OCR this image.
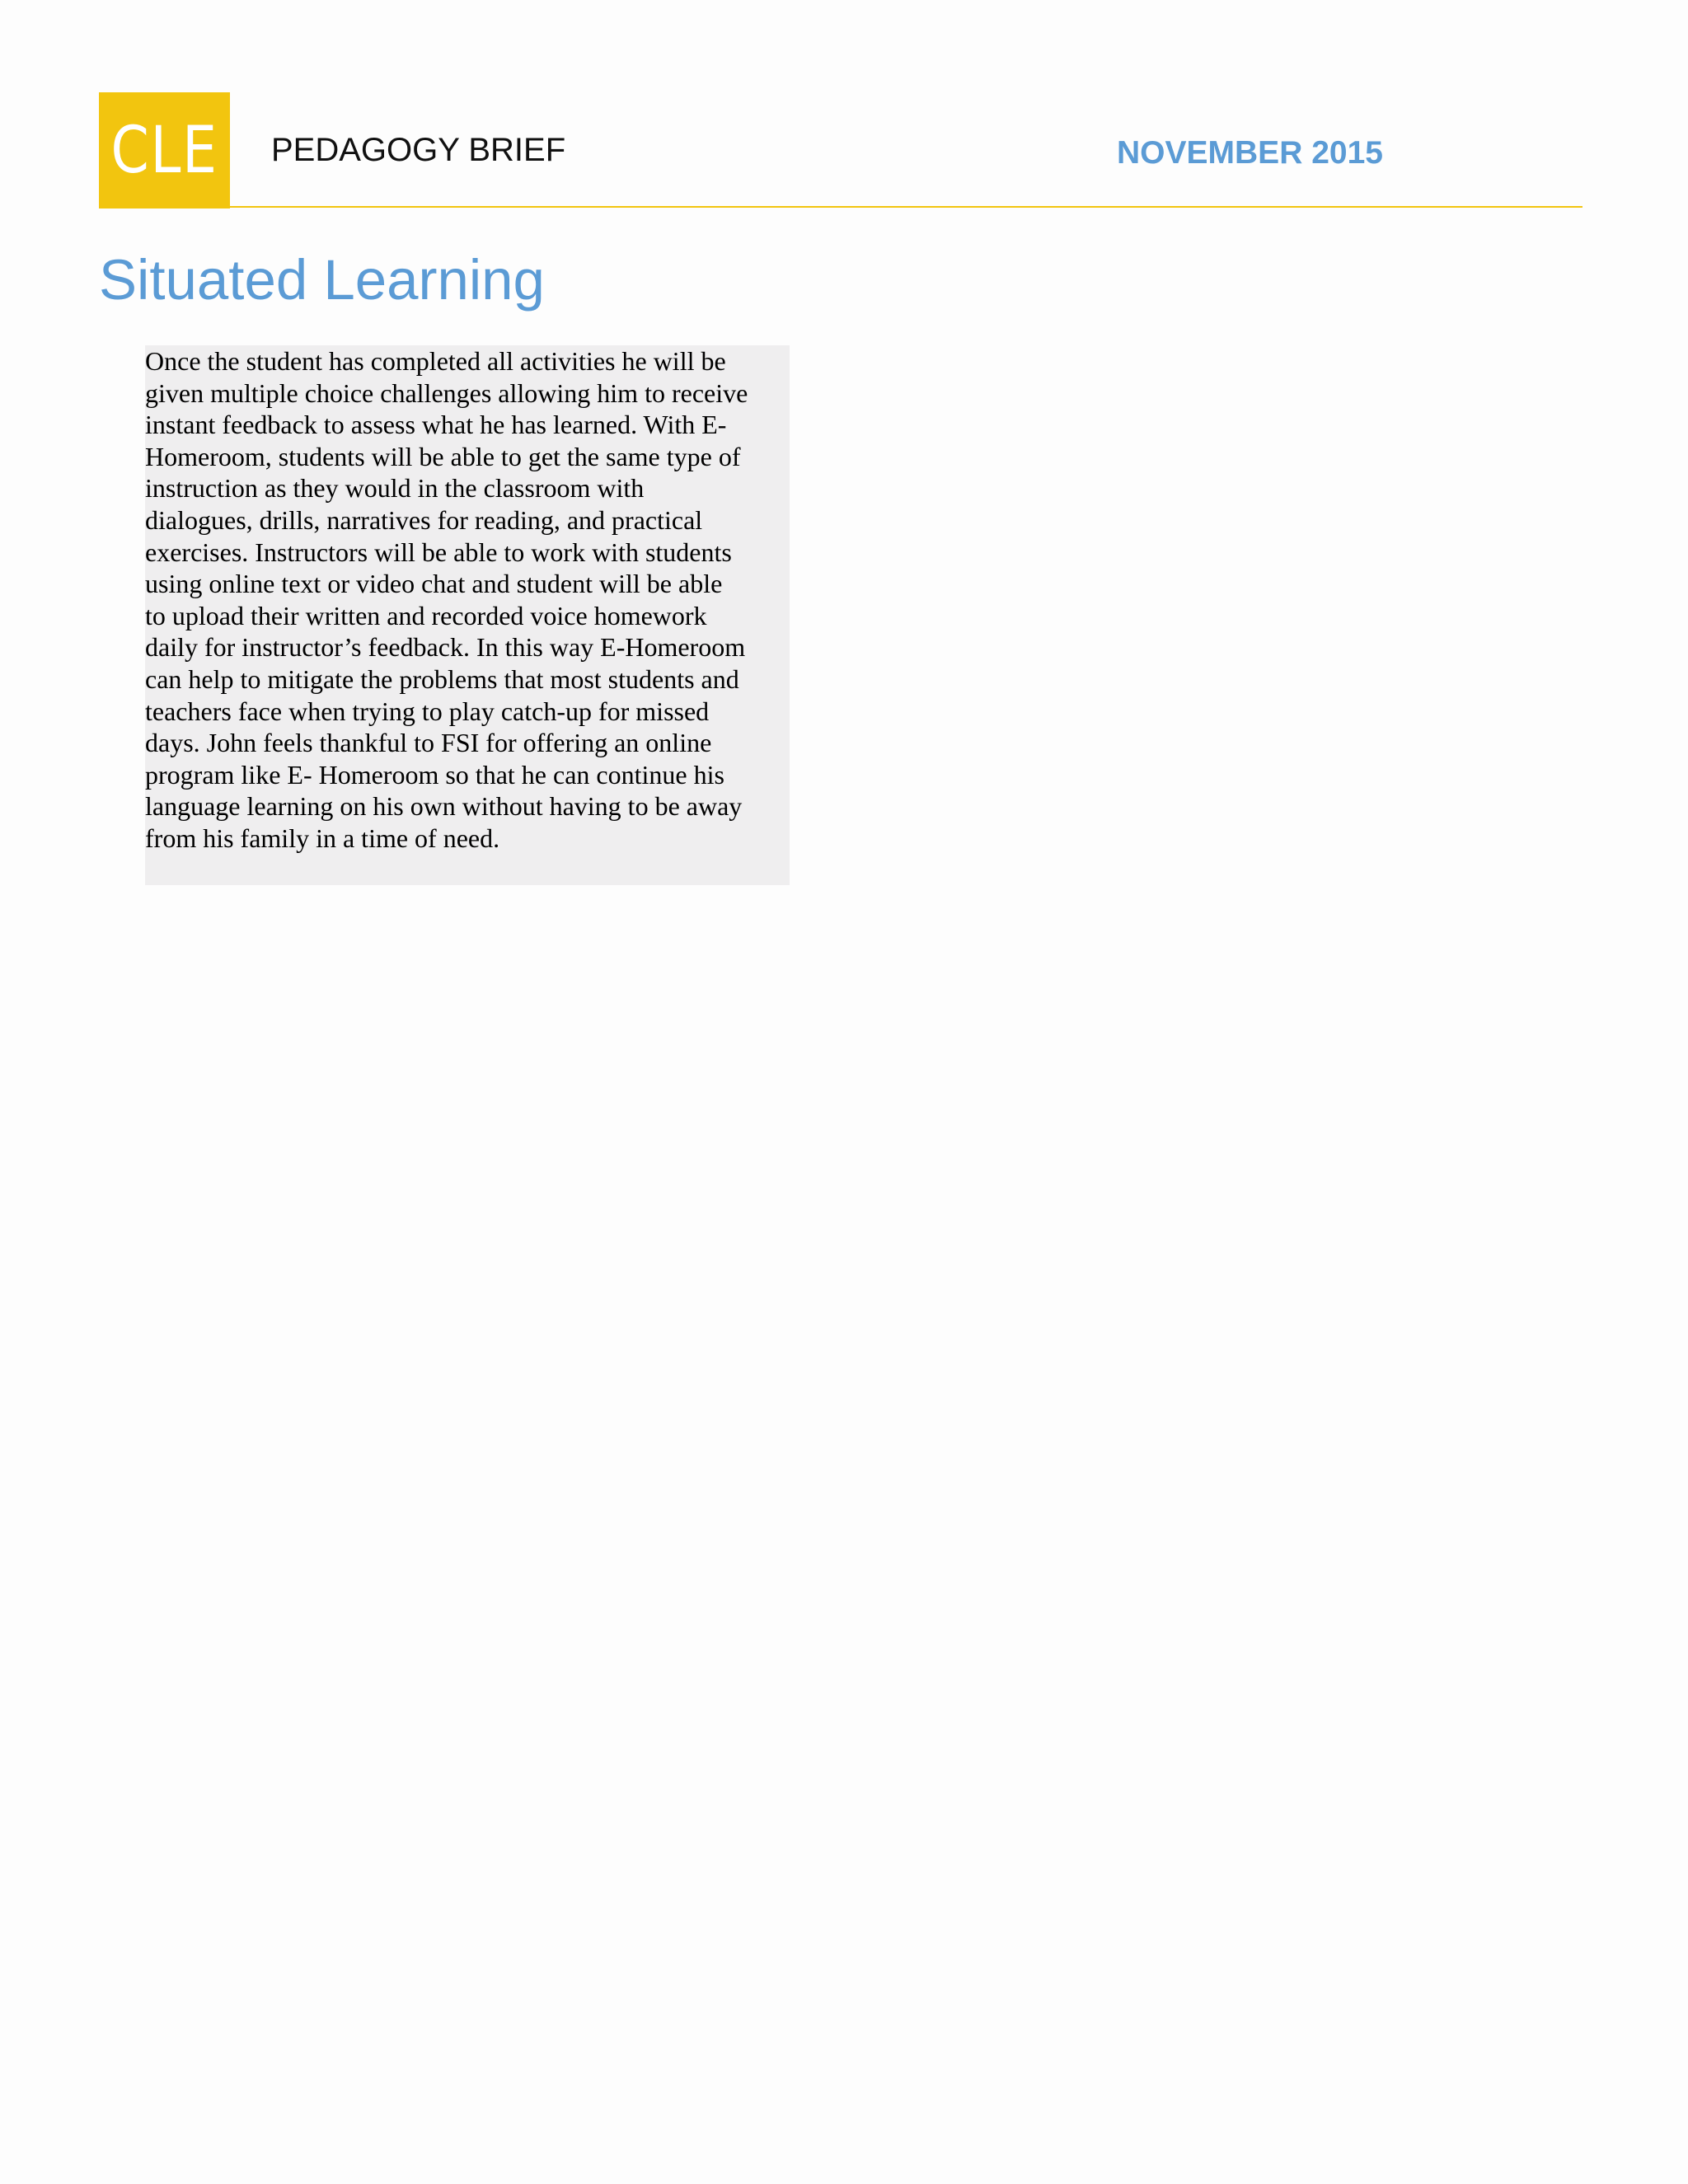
CLE PEDAGOGY BRIEF	NOVEMBER 2015
Situated Learning

Once the student has completed all activities he will be
given multiple choice challenges allowing him to receive
instant feedback to assess what he has learned. With E-
Homeroom, students will be able to get the same type of
instruction as they would in the classroom with
dialogues, drills, narratives for reading, and practical
exercises. Instructors will be able to work with students
using online text or video chat and student will be able
to upload their written and recorded voice homework
daily for instructor’s feedback. In this way E-Homeroom
can help to mitigate the problems that most students and
teachers face when trying to play catch-up for missed
days. John feels thankful to FSI for offering an online
program like E- Homeroom so that he can continue his
language learning on his own without having to be away
from his family in a time of need.
